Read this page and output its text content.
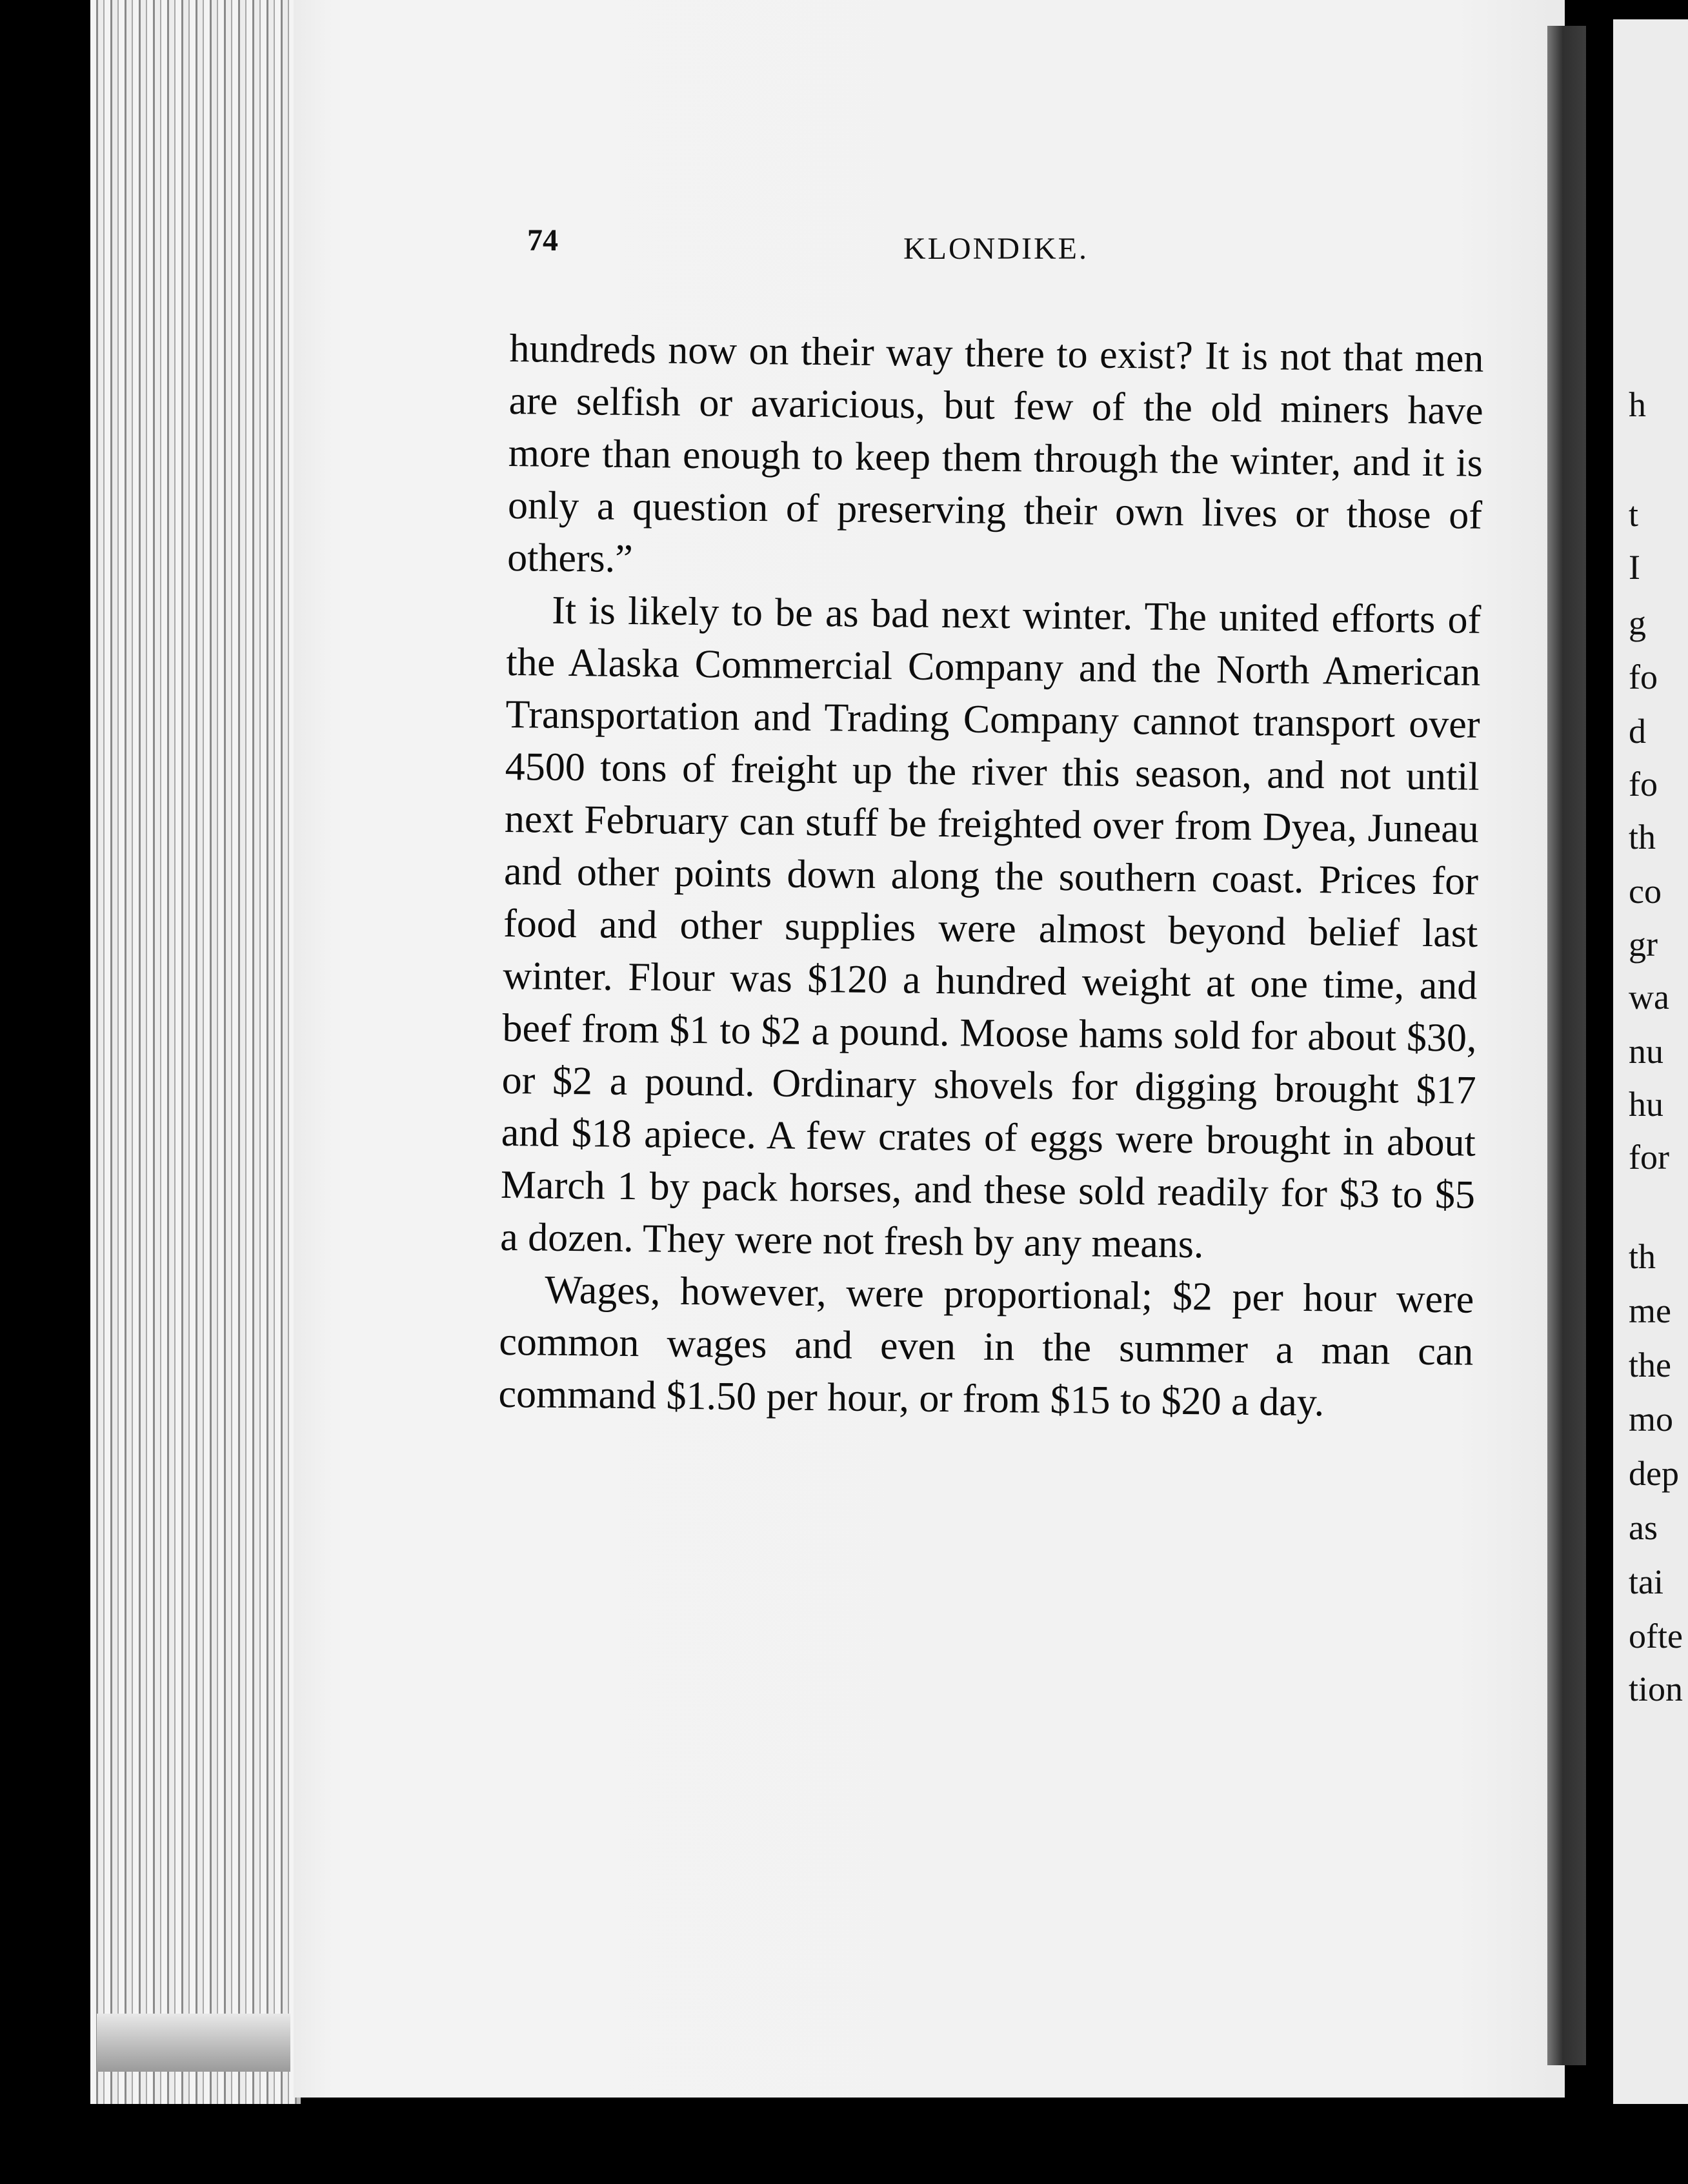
h
t
I
g
fo
d
fo
th
co
gr
wa
nu
hu
for
th
me
the
mo
dep
as
tai
ofte
tion
74	KLONDIKE.

hundreds now on their way there to exist? It is not that men are selfish or avaricious, but few of the old miners have more than enough to keep them through the winter, and it is only a question of preserving their own lives or those of others.”

It is likely to be as bad next winter. The united efforts of the Alaska Commercial Company and the North American Transportation and Trading Company cannot transport over 4500 tons of freight up the river this season, and not until next February can stuff be freighted over from Dyea, Juneau and other points down along the southern coast. Prices for food and other supplies were almost beyond belief last winter. Flour was $120 a hundred weight at one time, and beef from $1 to $2 a pound. Moose hams sold for about $30, or $2 a pound. Ordinary shovels for digging brought $17 and $18 apiece. A few crates of eggs were brought in about March 1 by pack horses, and these sold readily for $3 to $5 a dozen. They were not fresh by any means.

Wages, however, were proportional; $2 per hour were common wages and even in the summer a man can command $1.50 per hour, or from $15 to $20 a day.
